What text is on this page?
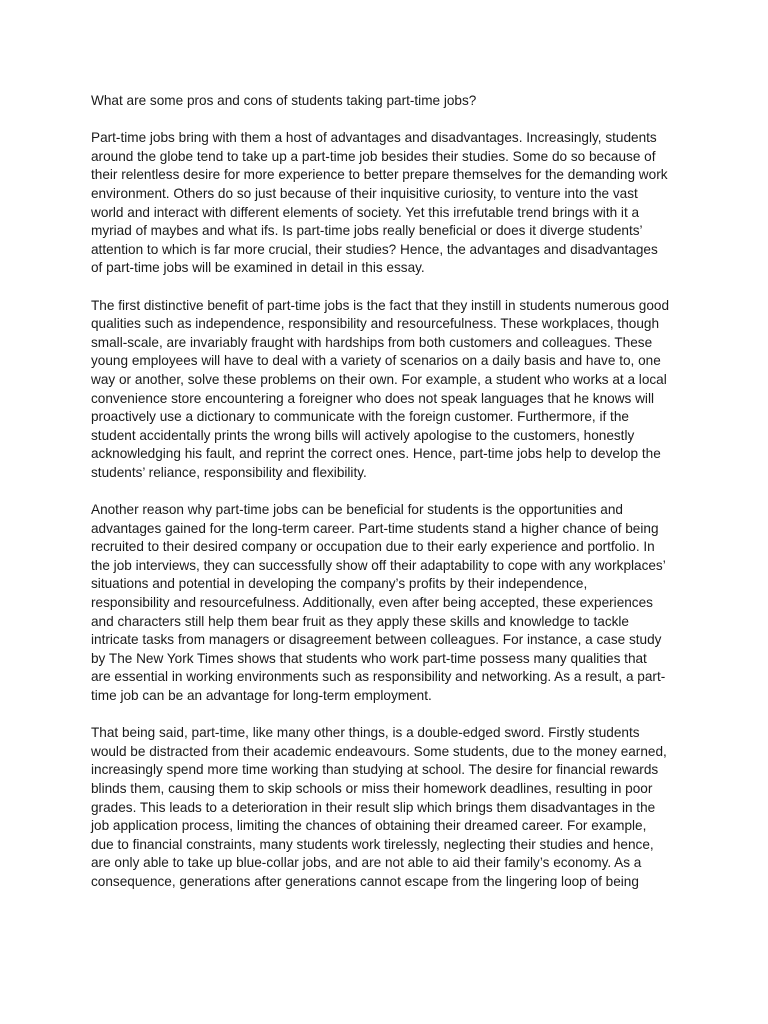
What are some pros and cons of students taking part-time jobs?

Part-time jobs bring with them a host of advantages and disadvantages. Increasingly, students
around the globe tend to take up a part-time job besides their studies. Some do so because of
their relentless desire for more experience to better prepare themselves for the demanding work
environment. Others do so just because of their inquisitive curiosity, to venture into the vast
world and interact with different elements of society. Yet this irrefutable trend brings with it a
myriad of maybes and what ifs. Is part-time jobs really beneficial or does it diverge students’
attention to which is far more crucial, their studies? Hence, the advantages and disadvantages
of part-time jobs will be examined in detail in this essay.

The first distinctive benefit of part-time jobs is the fact that they instill in students numerous good
qualities such as independence, responsibility and resourcefulness. These workplaces, though
small-scale, are invariably fraught with hardships from both customers and colleagues. These
young employees will have to deal with a variety of scenarios on a daily basis and have to, one
way or another, solve these problems on their own. For example, a student who works at a local
convenience store encountering a foreigner who does not speak languages that he knows will
proactively use a dictionary to communicate with the foreign customer. Furthermore, if the
student accidentally prints the wrong bills will actively apologise to the customers, honestly
acknowledging his fault, and reprint the correct ones. Hence, part-time jobs help to develop the
students’ reliance, responsibility and flexibility.

Another reason why part-time jobs can be beneficial for students is the opportunities and
advantages gained for the long-term career. Part-time students stand a higher chance of being
recruited to their desired company or occupation due to their early experience and portfolio. In
the job interviews, they can successfully show off their adaptability to cope with any workplaces’
situations and potential in developing the company’s profits by their independence,
responsibility and resourcefulness. Additionally, even after being accepted, these experiences
and characters still help them bear fruit as they apply these skills and knowledge to tackle
intricate tasks from managers or disagreement between colleagues. For instance, a case study
by The New York Times shows that students who work part-time possess many qualities that
are essential in working environments such as responsibility and networking. As a result, a part-
time job can be an advantage for long-term employment.

That being said, part-time, like many other things, is a double-edged sword. Firstly students
would be distracted from their academic endeavours. Some students, due to the money earned,
increasingly spend more time working than studying at school. The desire for financial rewards
blinds them, causing them to skip schools or miss their homework deadlines, resulting in poor
grades. This leads to a deterioration in their result slip which brings them disadvantages in the
job application process, limiting the chances of obtaining their dreamed career. For example,
due to financial constraints, many students work tirelessly, neglecting their studies and hence,
are only able to take up blue-collar jobs, and are not able to aid their family’s economy. As a
consequence, generations after generations cannot escape from the lingering loop of being
